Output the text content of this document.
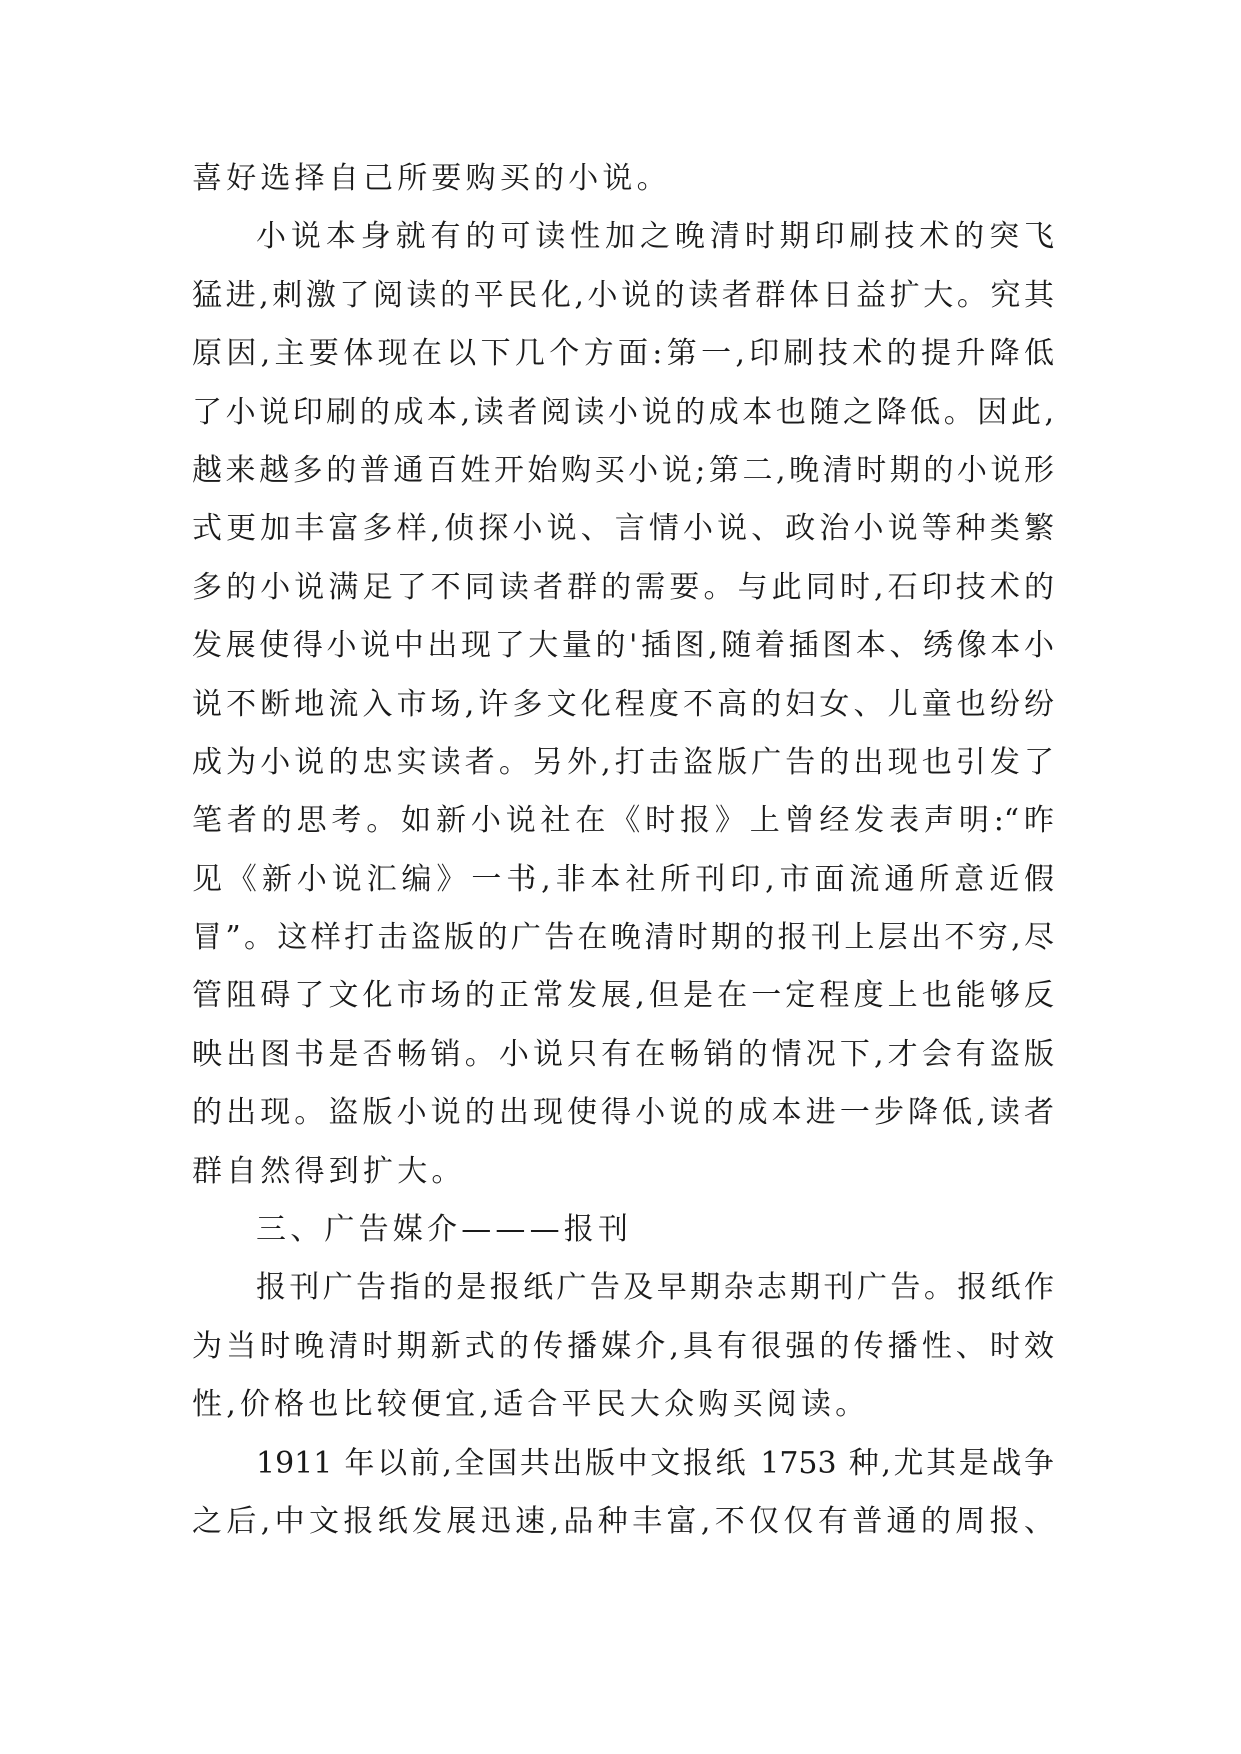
喜好选择自己所要购买的小说。
小说本身就有的可读性加之晚清时期印刷技术的突飞
猛进,刺激了阅读的平民化,小说的读者群体日益扩大。究其
原因,主要体现在以下几个方面:第一,印刷技术的提升降低
了小说印刷的成本,读者阅读小说的成本也随之降低。因此,
越来越多的普通百姓开始购买小说;第二,晚清时期的小说形
式更加丰富多样,侦探小说、言情小说、政治小说等种类繁
多的小说满足了不同读者群的需要。与此同时,石印技术的
发展使得小说中出现了大量的'插图,随着插图本、绣像本小
说不断地流入市场,许多文化程度不高的妇女、儿童也纷纷
成为小说的忠实读者。另外,打击盗版广告的出现也引发了
笔者的思考。如新小说社在《时报》上曾经发表声明:“昨
见《新小说汇编》一书,非本社所刊印,市面流通所意近假
冒”。这样打击盗版的广告在晚清时期的报刊上层出不穷,尽
管阻碍了文化市场的正常发展,但是在一定程度上也能够反
映出图书是否畅销。小说只有在畅销的情况下,才会有盗版
的出现。盗版小说的出现使得小说的成本进一步降低,读者
群自然得到扩大。
三、广告媒介———报刊
报刊广告指的是报纸广告及早期杂志期刊广告。报纸作
为当时晚清时期新式的传播媒介,具有很强的传播性、时效
性,价格也比较便宜,适合平民大众购买阅读。
1911 年以前,全国共出版中文报纸 1753 种,尤其是战争
之后,中文报纸发展迅速,品种丰富,不仅仅有普通的周报、
